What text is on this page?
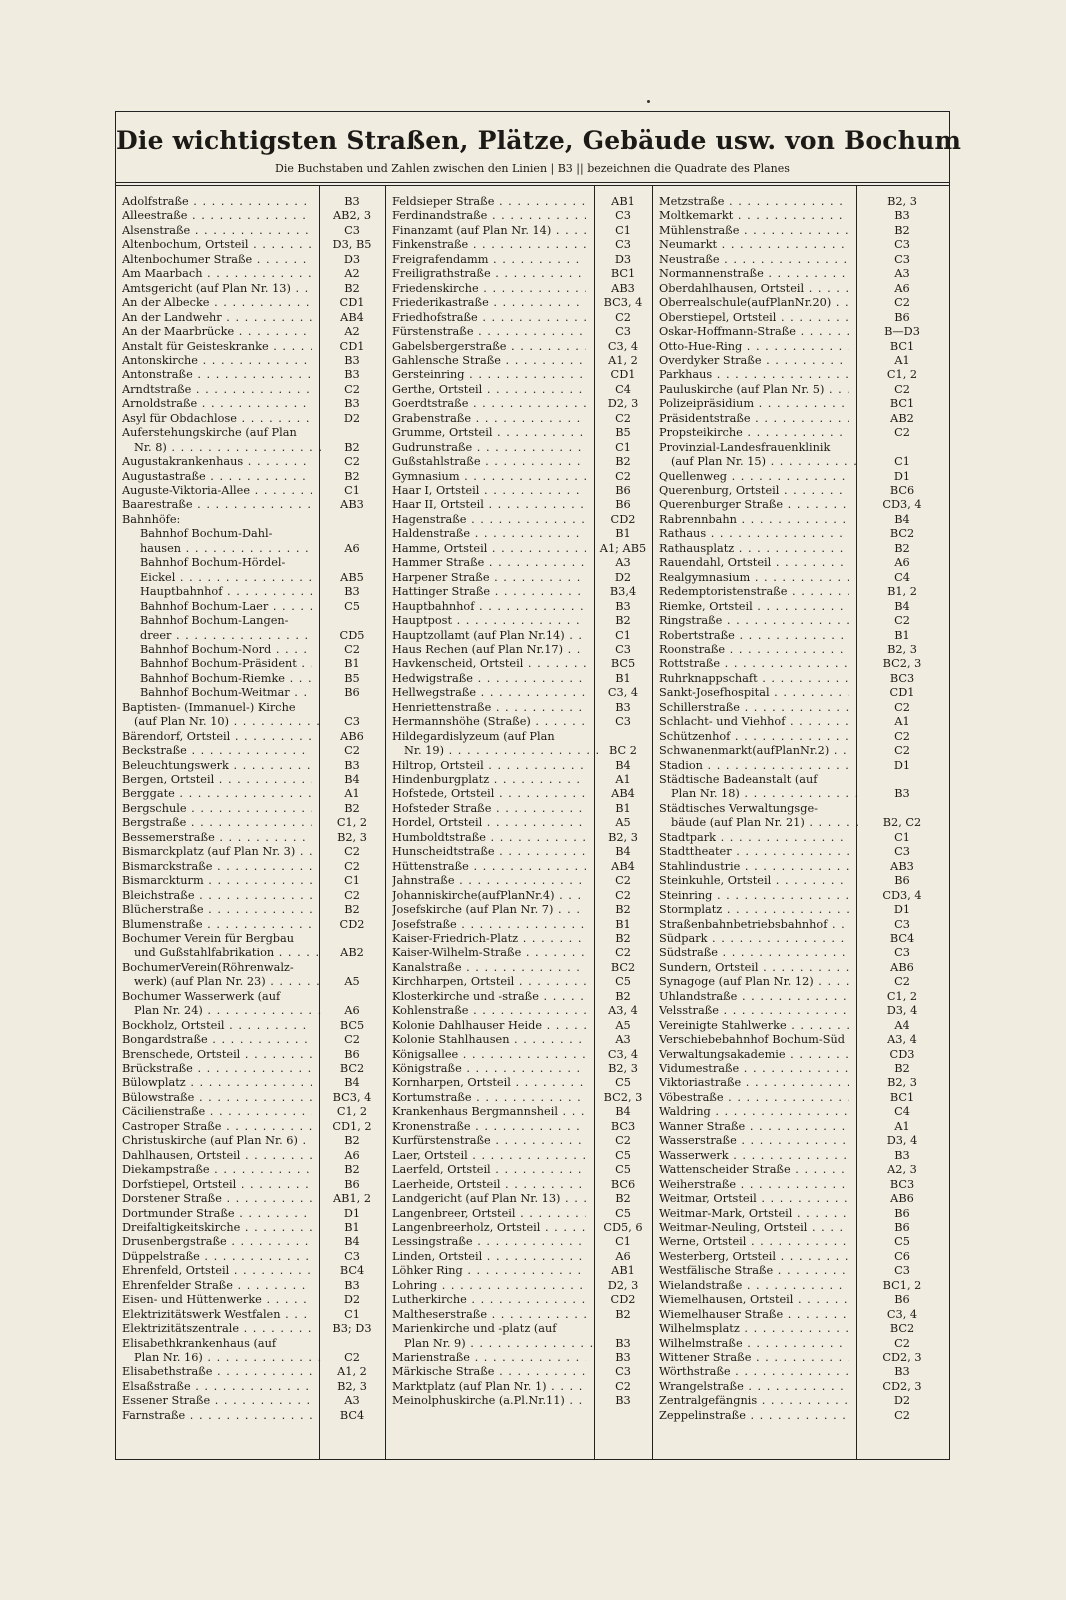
Die wichtigsten Straßen, Plätze, Gebäude usw. von Bochum
Die Buchstaben und Zahlen zwischen den Linien | B3 || bezeichnen die Quadrate des Planes
Adolfstraße . . .	B3
Alleestraße . . .	AB2, 3
Alsenstraße . . .	C3
Altenbochum, Ortsteil . . .	D3, B5
Altenbochumer Straße . . .	D3
Am Maarbach . . .	A2
Amtsgericht (auf Plan Nr. 13) . . .	B2
An der Albecke . . .	CD1
An der Landwehr . . .	AB4
An der Maarbrücke . . .	A2
Anstalt für Geisteskranke . . .	CD1
Antonskirche . . .	B3
Antonstraße . . .	B3
Arndtstraße . . .	C2
Arnoldstraße . . .	B3
Asyl für Obdachlose . . .	D2
Auferstehungskirche (auf Plan
Nr. 8) . . .	B2
Augustakrankenhaus . . .	C2
Augustastraße . . .	B2
Auguste-Viktoria-Allee . . .	C1
Baarestraße . . .	AB3
Bahnhöfe:
Bahnhof Bochum-Dahl-
hausen . . .	A6
Bahnhof Bochum-Hördel-
Eickel . . .	AB5
Hauptbahnhof . . .	B3
Bahnhof Bochum-Laer . . .	C5
Bahnhof Bochum-Langen-
dreer . . .	CD5
Bahnhof Bochum-Nord . . .	C2
Bahnhof Bochum-Präsident . . .	B1
Bahnhof Bochum-Riemke . . .	B5
Bahnhof Bochum-Weitmar . . .	B6
Baptisten- (Immanuel-) Kirche
(auf Plan Nr. 10) . . .	C3
Bärendorf, Ortsteil . . .	AB6
Beckstraße . . .	C2
Beleuchtungswerk . . .	B3
Bergen, Ortsteil . . .	B4
Berggate . . .	A1
Bergschule . . .	B2
Bergstraße . . .	C1, 2
Bessemerstraße . . .	B2, 3
Bismarckplatz (auf Plan Nr. 3) . . .	C2
Bismarckstraße . . .	C2
Bismarckturm . . .	C1
Bleichstraße . . .	C2
Blücherstraße . . .	B2
Blumenstraße . . .	CD2
Bochumer Verein für Bergbau
und Gußstahlfabrikation . . .	AB2
BochumerVerein(Röhrenwalz-
werk) (auf Plan Nr. 23) . . .	A5
Bochumer Wasserwerk (auf
Plan Nr. 24) . . .	A6
Bockholz, Ortsteil . . .	BC5
Bongardstraße . . .	C2
Brenschede, Ortsteil . . .	B6
Brückstraße . . .	BC2
Bülowplatz . . .	B4
Bülowstraße . . .	BC3, 4
Cäcilienstraße . . .	C1, 2
Castroper Straße . . .	CD1, 2
Christuskirche (auf Plan Nr. 6) . . .	B2
Dahlhausen, Ortsteil . . .	A6
Diekampstraße . . .	B2
Dorfstiepel, Ortsteil . . .	B6
Dorstener Straße . . .	AB1, 2
Dortmunder Straße . . .	D1
Dreifaltigkeitskirche . . .	B1
Drusenbergstraße . . .	B4
Düppelstraße . . .	C3
Ehrenfeld, Ortsteil . . .	BC4
Ehrenfelder Straße . . .	B3
Eisen- und Hüttenwerke . . .	D2
Elektrizitätswerk Westfalen . . .	C1
Elektrizitätszentrale . . .	B3; D3
Elisabethkrankenhaus (auf
Plan Nr. 16) . . .	C2
Elisabethstraße . . .	A1, 2
Elsaßstraße . . .	B2, 3
Essener Straße . . .	A3
Farnstraße . . .	BC4
Feldsieper Straße . . .	AB1
Ferdinandstraße . . .	C3
Finanzamt (auf Plan Nr. 14) . . .	C1
Finkenstraße . . .	C3
Freigrafendamm . . .	D3
Freiligrathstraße . . .	BC1
Friedenskirche . . .	AB3
Friederikastraße . . .	BC3, 4
Friedhofstraße . . .	C2
Fürstenstraße . . .	C3
Gabelsbergerstraße . . .	C3, 4
Gahlensche Straße . . .	A1, 2
Gersteinring . . .	CD1
Gerthe, Ortsteil . . .	C4
Goerdtstraße . . .	D2, 3
Grabenstraße . . .	C2
Grumme, Ortsteil . . .	B5
Gudrunstraße . . .	C1
Gußstahlstraße . . .	B2
Gymnasium . . .	C2
Haar I, Ortsteil . . .	B6
Haar II, Ortsteil . . .	B6
Hagenstraße . . .	CD2
Haldenstraße . . .	B1
Hamme, Ortsteil . . .	A1; AB5
Hammer Straße . . .	A3
Harpener Straße . . .	D2
Hattinger Straße . . .	B3,4
Hauptbahnhof . . .	B3
Hauptpost . . .	B2
Hauptzollamt (auf Plan Nr.14) . . .	C1
Haus Rechen (auf Plan Nr.17) . . .	C3
Havkenscheid, Ortsteil . . .	BC5
Hedwigstraße . . .	B1
Hellwegstraße . . .	C3, 4
Henriettenstraße . . .	B3
Hermannshöhe (Straße) . . .	C3
Hildegardislyzeum (auf Plan
Nr. 19) . . .	BC 2
Hiltrop, Ortsteil . . .	B4
Hindenburgplatz . . .	A1
Hofstede, Ortsteil . . .	AB4
Hofsteder Straße . . .	B1
Hordel, Ortsteil . . .	A5
Humboldtstraße . . .	B2, 3
Hunscheidtstraße . . .	B4
Hüttenstraße . . .	AB4
Jahnstraße . . .	C2
Johanniskirche(aufPlanNr.4) . . .	C2
Josefskirche (auf Plan Nr. 7) . . .	B2
Josefstraße . . .	B1
Kaiser-Friedrich-Platz . . .	B2
Kaiser-Wilhelm-Straße . . .	C2
Kanalstraße . . .	BC2
Kirchharpen, Ortsteil . . .	C5
Klosterkirche und -straße . . .	B2
Kohlenstraße . . .	A3, 4
Kolonie Dahlhauser Heide . . .	A5
Kolonie Stahlhausen . . .	A3
Königsallee . . .	C3, 4
Königstraße . . .	B2, 3
Kornharpen, Ortsteil . . .	C5
Kortumstraße . . .	BC2, 3
Krankenhaus Bergmannsheil . . .	B4
Kronenstraße . . .	BC3
Kurfürstenstraße . . .	C2
Laer, Ortsteil . . .	C5
Laerfeld, Ortsteil . . .	C5
Laerheide, Ortsteil . . .	BC6
Landgericht (auf Plan Nr. 13) . . .	B2
Langenbreer, Ortsteil . . .	C5
Langenbreerholz, Ortsteil . . .	CD5, 6
Lessingstraße . . .	C1
Linden, Ortsteil . . .	A6
Löhker Ring . . .	AB1
Lohring . . .	D2, 3
Lutherkirche . . .	CD2
Maltheserstraße . . .	B2
Marienkirche und -platz (auf
Plan Nr. 9) . . .	B3
Marienstraße . . .	B3
Märkische Straße . . .	C3
Marktplatz (auf Plan Nr. 1) . . .	C2
Meinolphuskirche (a.Pl.Nr.11) . . .	B3
Metzstraße . . .	B2, 3
Moltkemarkt . . .	B3
Mühlenstraße . . .	B2
Neumarkt . . .	C3
Neustraße . . .	C3
Normannenstraße . . .	A3
Oberdahlhausen, Ortsteil . . .	A6
Oberrealschule(aufPlanNr.20) . . .	C2
Oberstiepel, Ortsteil . . .	B6
Oskar-Hoffmann-Straße . . .	B—D3
Otto-Hue-Ring . . .	BC1
Overdyker Straße . . .	A1
Parkhaus . . .	C1, 2
Pauluskirche (auf Plan Nr. 5) . . .	C2
Polizeipräsidium . . .	BC1
Präsidentstraße . . .	AB2
Propsteikirche . . .	C2
Provinzial-Landesfrauenklinik
(auf Plan Nr. 15) . . .	C1
Quellenweg . . .	D1
Querenburg, Ortsteil . . .	BC6
Querenburger Straße . . .	CD3, 4
Rabrennbahn . . .	B4
Rathaus . . .	BC2
Rathausplatz . . .	B2
Rauendahl, Ortsteil . . .	A6
Realgymnasium . . .	C4
Redemptoristenstraße . . .	B1, 2
Riemke, Ortsteil . . .	B4
Ringstraße . . .	C2
Robertstraße . . .	B1
Roonstraße . . .	B2, 3
Rottstraße . . .	BC2, 3
Ruhrknappschaft . . .	BC3
Sankt-Josefhospital . . .	CD1
Schillerstraße . . .	C2
Schlacht- und Viehhof . . .	A1
Schützenhof . . .	C2
Schwanenmarkt(aufPlanNr.2) . . .	C2
Stadion . . .	D1
Städtische Badeanstalt (auf
Plan Nr. 18) . . .	B3
Städtisches Verwaltungsge-
bäude (auf Plan Nr. 21) . . .	B2, C2
Stadtpark . . .	C1
Stadttheater . . .	C3
Stahlindustrie . . .	AB3
Steinkuhle, Ortsteil . . .	B6
Steinring . . .	CD3, 4
Stormplatz . . .	D1
Straßenbahnbetriebsbahnhof . . .	C3
Südpark . . .	BC4
Südstraße . . .	C3
Sundern, Ortsteil . . .	AB6
Synagoge (auf Plan Nr. 12) . . .	C2
Uhlandstraße . . .	C1, 2
Velsstraße . . .	D3, 4
Vereinigte Stahlwerke . . .	A4
Verschiebebahnhof Bochum-Süd . . .	A3, 4
Verwaltungsakademie . . .	CD3
Vidumestraße . . .	B2
Viktoriastraße . . .	B2, 3
Vöbestraße . . .	BC1
Waldring . . .	C4
Wanner Straße . . .	A1
Wasserstraße . . .	D3, 4
Wasserwerk . . .	B3
Wattenscheider Straße . . .	A2, 3
Weiherstraße . . .	BC3
Weitmar, Ortsteil . . .	AB6
Weitmar-Mark, Ortsteil . . .	B6
Weitmar-Neuling, Ortsteil . . .	B6
Werne, Ortsteil . . .	C5
Westerberg, Ortsteil . . .	C6
Westfälische Straße . . .	C3
Wielandstraße . . .	BC1, 2
Wiemelhausen, Ortsteil . . .	B6
Wiemelhauser Straße . . .	C3, 4
Wilhelmsplatz . . .	BC2
Wilhelmstraße . . .	C2
Wittener Straße . . .	CD2, 3
Wörthstraße . . .	B3
Wrangelstraße . . .	CD2, 3
Zentralgefängnis . . .	D2
Zeppelinstraße . . .	C2
